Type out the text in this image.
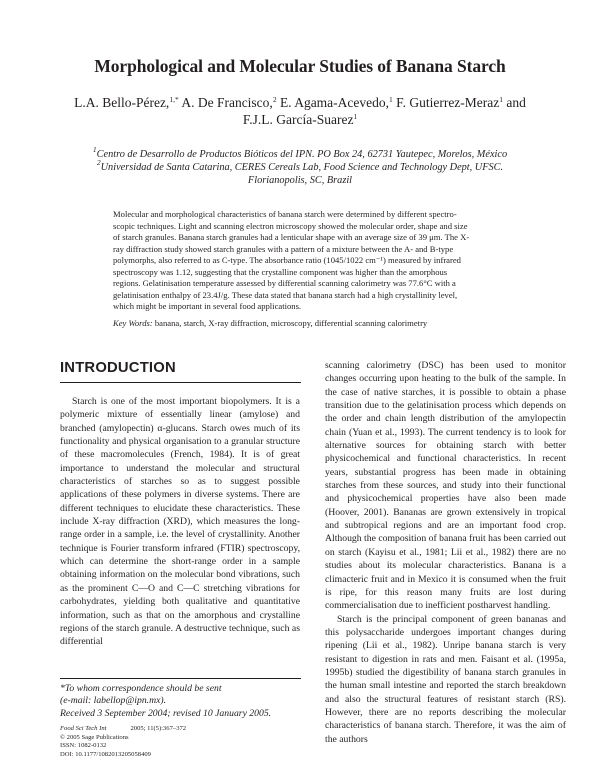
Morphological and Molecular Studies of Banana Starch
L.A. Bello-Pérez,$^{1,*}$ A. De Francisco,$^2$ E. Agama-Acevedo,$^1$ F. Gutierrez-Meraz$^1$ and
F.J.L. García-Suarez$^1$
$^1$Centro de Desarrollo de Productos Bióticos del IPN. PO Box 24, 62731 Yautepec, Morelos, México
$^2$Universidad de Santa Catarina, CERES Cereals Lab, Food Science and Technology Dept, UFSC.
Florianopolis, SC, Brazil
Molecular and morphological characteristics of banana starch were determined by different spectro-
scopic techniques. Light and scanning electron microscopy showed the molecular order, shape and size
of starch granules. Banana starch granules had a lenticular shape with an average size of 39 μm. The X-
ray diffraction study showed starch granules with a pattern of a mixture between the A- and B-type
polymorphs, also referred to as C-type. The absorbance ratio (1045/1022 cm⁻¹) measured by infrared
spectroscopy was 1.12, suggesting that the crystalline component was higher than the amorphous
regions. Gelatinisation temperature assessed by differential scanning calorimetry was 77.6°C with a
gelatinisation enthalpy of 23.4J/g. These data stated that banana starch had a high crystallinity level,
which might be important in several food applications.
Key Words: banana, starch, X-ray diffraction, microscopy, differential scanning calorimetry
INTRODUCTION

Starch is one of the most important biopolymers. It is a polymeric mixture of essentially linear (amylose) and branched (amylopectin) α-glucans. Starch owes much of its functionality and physical organisation to a granular structure of these macromolecules (French, 1984). It is of great importance to understand the molecular and structural characteristics of starches so as to suggest possible applications of these polymers in diverse systems. There are different techniques to elucidate these characteristics. These include X-ray diffraction (XRD), which measures the long-range order in a sample, i.e. the level of crystallinity. Another technique is Fourier transform infrared (FTIR) spectroscopy, which can determine the short-range order in a sample obtaining information on the molecular bond vibrations, such as the prominent C—O and C—C stretching vibrations for carbohydrates, yielding both qualitative and quantitative information, such as that on the amorphous and crystalline regions of the starch granule. A destructive technique, such as differential

scanning calorimetry (DSC) has been used to monitor changes occurring upon heating to the bulk of the sample. In the case of native starches, it is possible to obtain a phase transition due to the gelatinisation process which depends on the order and chain length distribution of the amylopectin chain (Yuan et al., 1993). The current tendency is to look for alternative sources for obtaining starch with better physicochemical and functional characteristics. In recent years, substantial progress has been made in obtaining starches from these sources, and study into their functional and physicochemical properties have also been made (Hoover, 2001). Bananas are grown extensively in tropical and subtropical regions and are an important food crop. Although the composition of banana fruit has been carried out on starch (Kayisu et al., 1981; Lii et al., 1982) there are no studies about its molecular characteristics. Banana is a climacteric fruit and in Mexico it is consumed when the fruit is ripe, for this reason many fruits are lost during commercialisation due to inefficient postharvest handling.

Starch is the principal component of green bananas and this polysaccharide undergoes important changes during ripening (Lii et al., 1982). Unripe banana starch is very resistant to digestion in rats and men. Faisant et al. (1995a, 1995b) studied the digestibility of banana starch granules in the human small intestine and reported the starch breakdown and also the structural features of resistant starch (RS). However, there are no reports describing the molecular characteristics of banana starch. Therefore, it was the aim of the authors

*To whom correspondence should be sent
(e-mail: labellop@ipn.mx).
Received 3 September 2004; revised 10 January 2005.
Food Sci Tech Int	2005; 11(5):367–372
© 2005 Sage Publications
ISSN: 1082-0132
DOI: 10.1177/1082013205058409
